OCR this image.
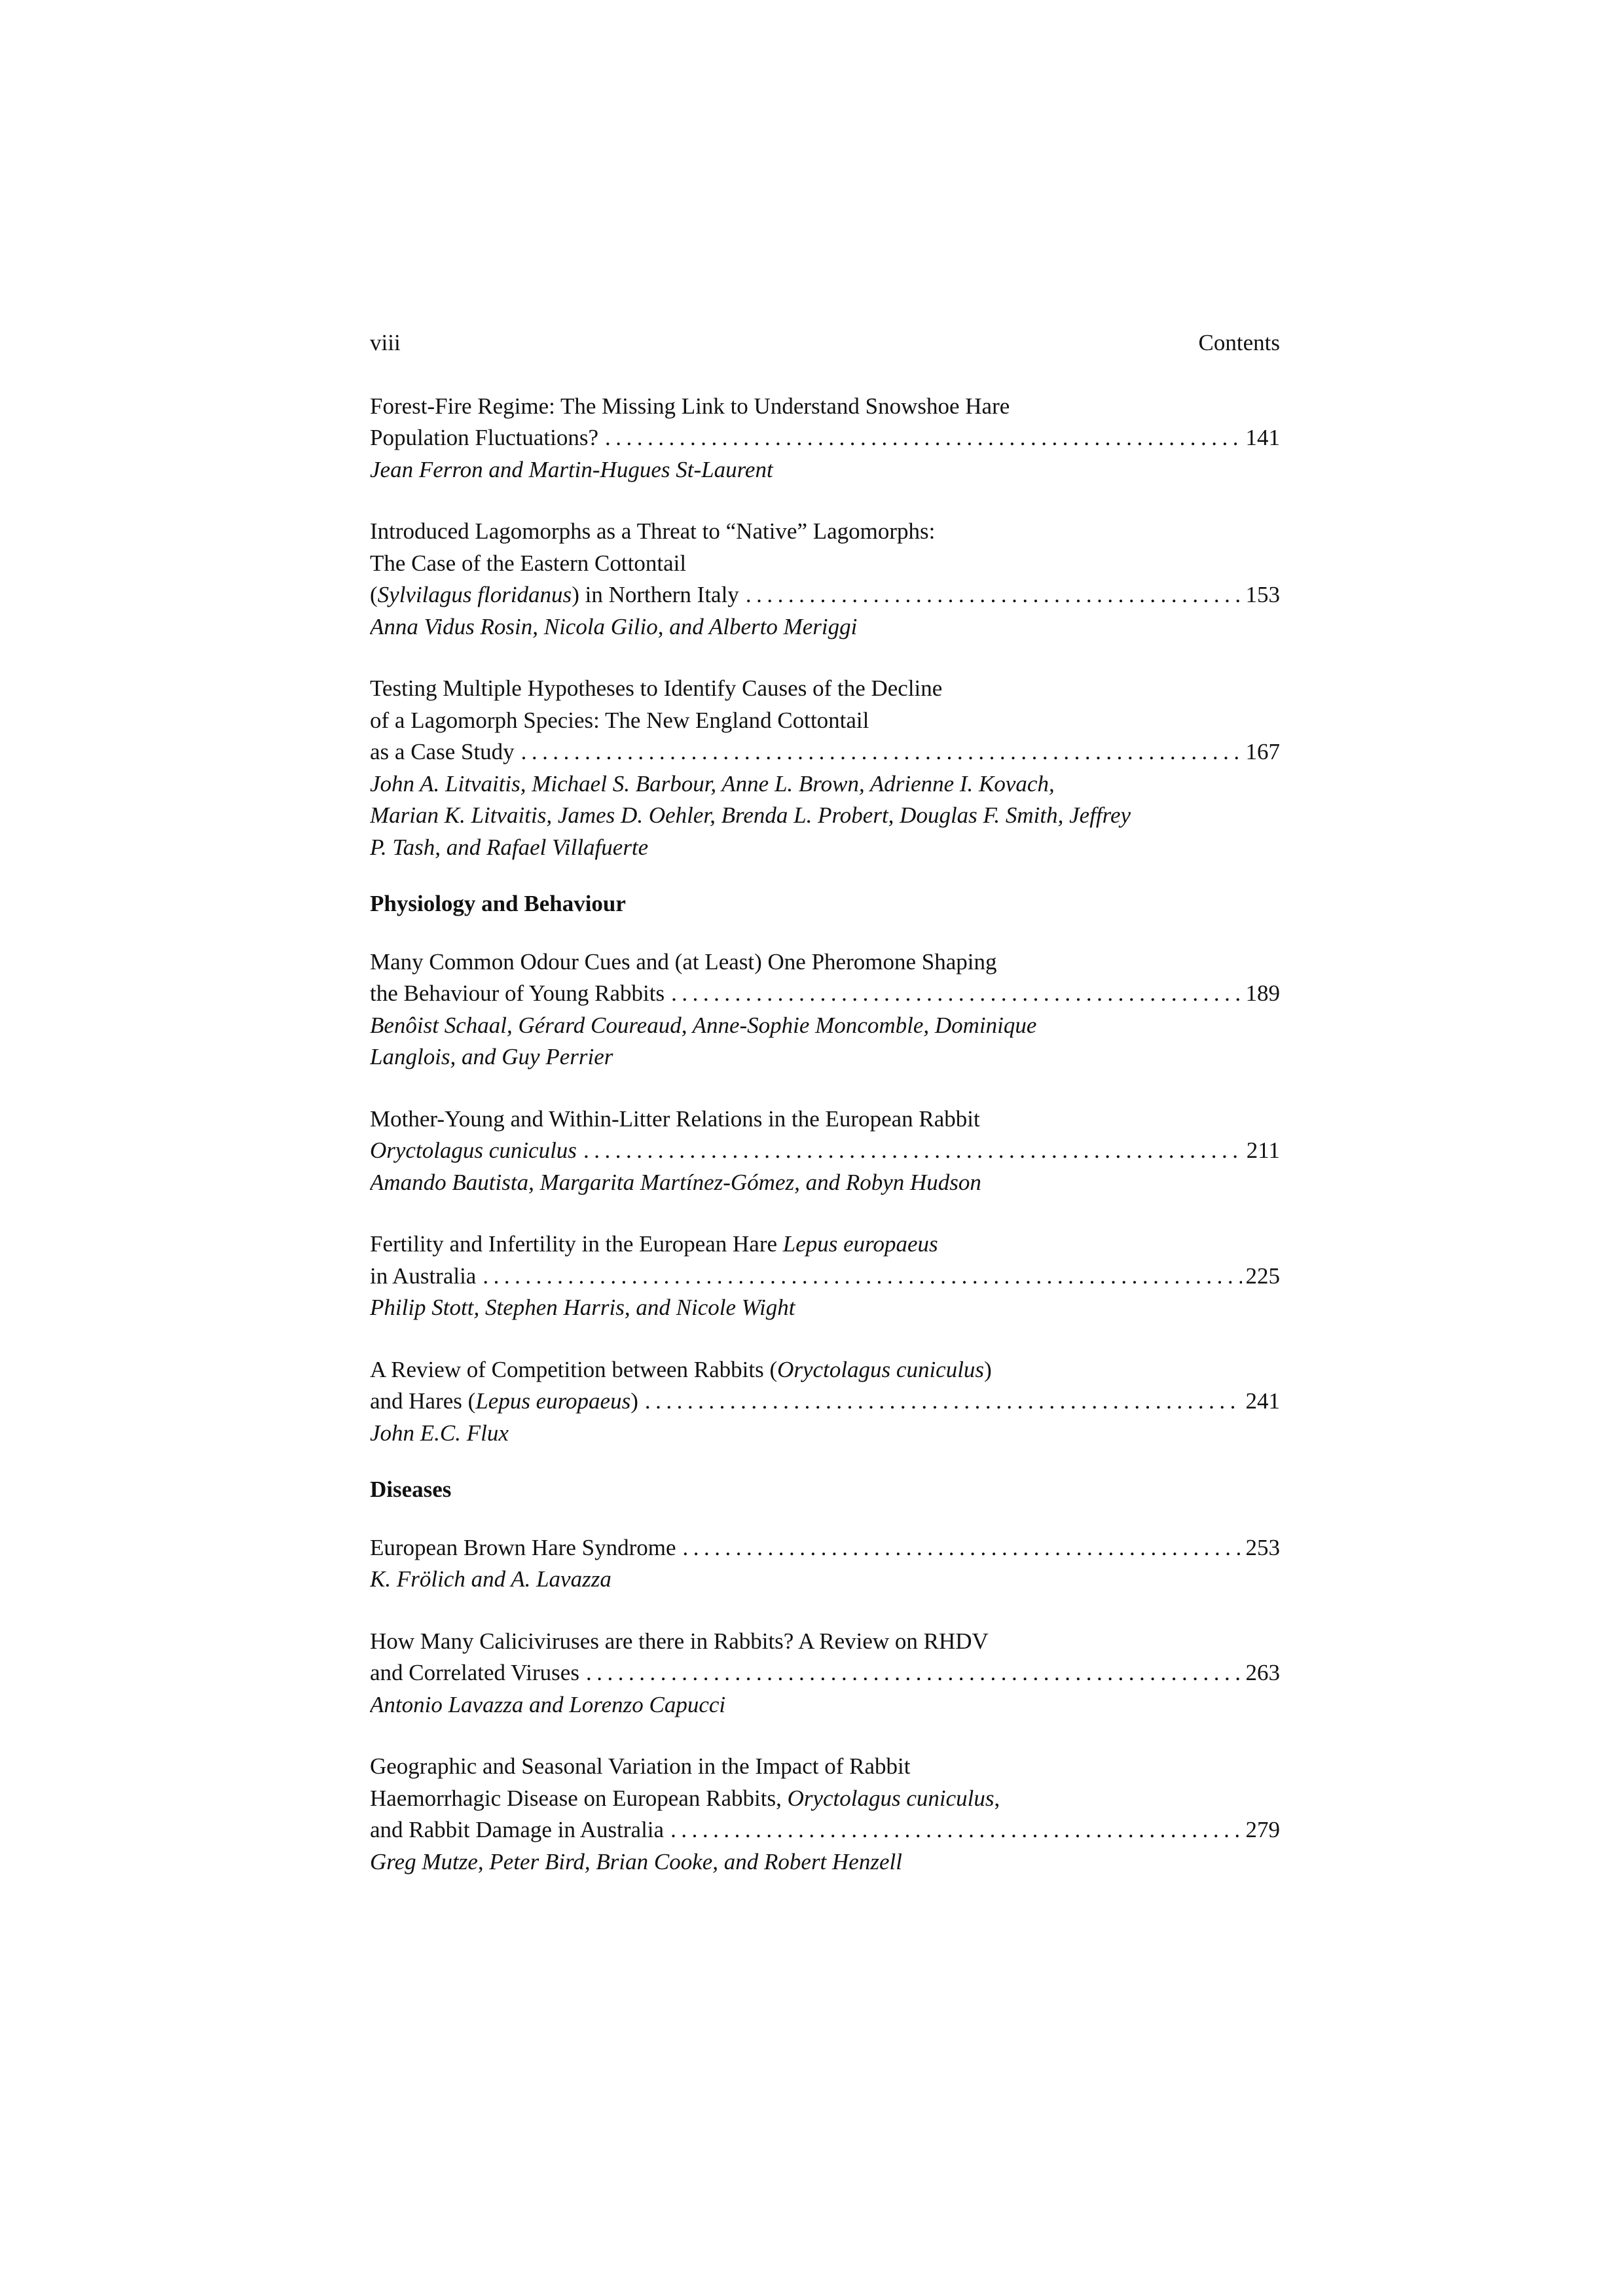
viii	Contents
Forest-Fire Regime: The Missing Link to Understand Snowshoe Hare
Population Fluctuations? .....	141
Jean Ferron and Martin-Hugues St-Laurent
Introduced Lagomorphs as a Threat to “Native” Lagomorphs:
The Case of the Eastern Cottontail
(Sylvilagus floridanus) in Northern Italy .....	153
Anna Vidus Rosin, Nicola Gilio, and Alberto Meriggi
Testing Multiple Hypotheses to Identify Causes of the Decline
of a Lagomorph Species: The New England Cottontail
as a Case Study .....	167
John A. Litvaitis, Michael S. Barbour, Anne L. Brown, Adrienne I. Kovach,
Marian K. Litvaitis, James D. Oehler, Brenda L. Probert, Douglas F. Smith, Jeffrey
P. Tash, and Rafael Villafuerte
Physiology and Behaviour
Many Common Odour Cues and (at Least) One Pheromone Shaping
the Behaviour of Young Rabbits .....	189
Benôist Schaal, Gérard Coureaud, Anne-Sophie Moncomble, Dominique
Langlois, and Guy Perrier
Mother-Young and Within-Litter Relations in the European Rabbit
Oryctolagus cuniculus .....	211
Amando Bautista, Margarita Martínez-Gómez, and Robyn Hudson
Fertility and Infertility in the European Hare Lepus europaeus
in Australia .....	225
Philip Stott, Stephen Harris, and Nicole Wight
A Review of Competition between Rabbits (Oryctolagus cuniculus)
and Hares (Lepus europaeus) .....	241
John E.C. Flux
Diseases
European Brown Hare Syndrome .....	253
K. Frölich and A. Lavazza
How Many Caliciviruses are there in Rabbits? A Review on RHDV
and Correlated Viruses .....	263
Antonio Lavazza and Lorenzo Capucci
Geographic and Seasonal Variation in the Impact of Rabbit
Haemorrhagic Disease on European Rabbits, Oryctolagus cuniculus,
and Rabbit Damage in Australia .....	279
Greg Mutze, Peter Bird, Brian Cooke, and Robert Henzell
